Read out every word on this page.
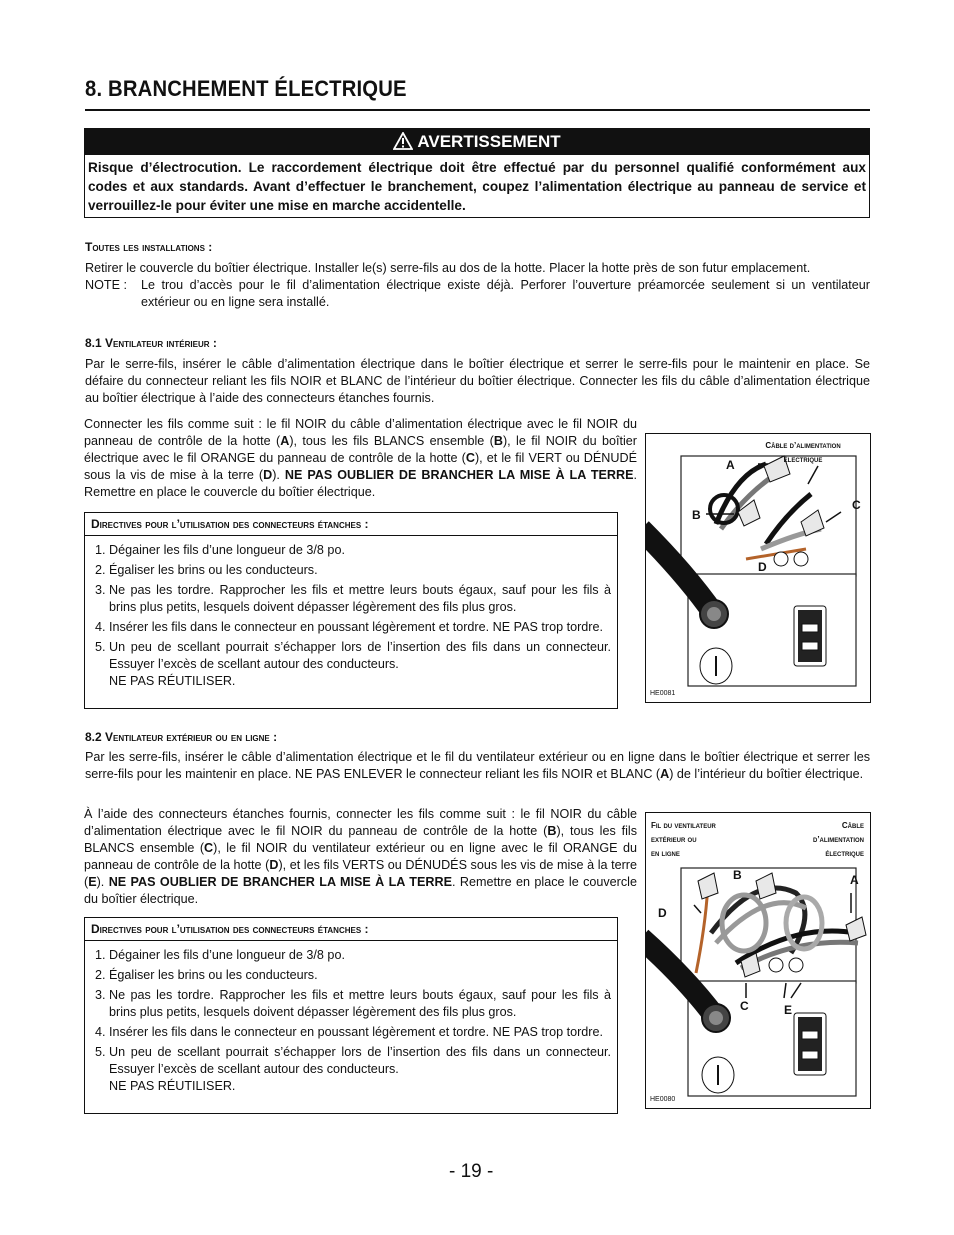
8. BRANCHEMENT ÉLECTRIQUE
AVERTISSEMENT
Risque d’électrocution. Le raccordement électrique doit être effectué par du personnel qualifié conformément aux codes et aux standards. Avant d’effectuer le branchement, coupez l’alimentation électrique au panneau de service et verrouillez-le pour éviter une mise en marche accidentelle.
Toutes les installations :
Retirer le couvercle du boîtier électrique. Installer le(s) serre-fils au dos de la hotte. Placer la hotte près de son futur emplacement.
NOTE :	Le trou d’accès pour le fil d’alimentation électrique existe déjà. Perforer l’ouverture préamorcée seulement si un ventilateur extérieur ou en ligne sera installé.
8.1 Ventilateur intérieur :
Par le serre-fils, insérer le câble d’alimentation électrique dans le boîtier électrique et serrer le serre-fils pour le maintenir en place. Se défaire du connecteur reliant les fils NOIR et BLANC de l’intérieur du boîtier électrique. Connecter les fils du câble d’alimentation électrique au boîtier électrique à l’aide des connecteurs étanches fournis.
Connecter les fils comme suit : le fil NOIR du câble d’alimentation électrique avec le fil NOIR du panneau de contrôle de la hotte (A), tous les fils BLANCS ensemble (B), le fil NOIR du boîtier électrique avec le fil ORANGE du panneau de contrôle de la hotte (C), et le fil VERT ou DÉNUDÉ sous la vis de mise à la terre (D). NE PAS OUBLIER DE BRANCHER LA MISE À LA TERRE. Remettre en place le couvercle du boîtier électrique.
Directives pour l’utilisation des connecteurs étanches :
1. Dégainer les fils d’une longueur de 3/8 po.
2. Égaliser les brins ou les conducteurs.
3. Ne pas les tordre. Rapprocher les fils et mettre leurs bouts égaux, sauf pour les fils à brins plus petits, lesquels doivent dépasser légèrement des fils plus gros.
4. Insérer les fils dans le connecteur en poussant légèrement et tordre. NE PAS trop tordre.
5. Un peu de scellant pourrait s’échapper lors de l’insertion des fils dans un connecteur. Essuyer l’excès de scellant autour des conducteurs.
NE PAS RÉUTILISER.
Câble d’alimentation
électrique
A
B
C
D
HE0081
8.2 Ventilateur extérieur ou en ligne :
Par les serre-fils, insérer le câble d’alimentation électrique et le fil du ventilateur extérieur ou en ligne dans le boîtier électrique et serrer les serre-fils pour les maintenir en place. NE PAS ENLEVER le connecteur reliant les fils NOIR et BLANC (A) de l’intérieur du boîtier électrique.
À l’aide des connecteurs étanches fournis, connecter les fils comme suit : le fil NOIR du câble d’alimentation électrique avec le fil NOIR du panneau de contrôle de la hotte (B), tous les fils BLANCS ensemble (C), le fil NOIR du ventilateur extérieur ou en ligne avec le fil ORANGE du panneau de contrôle de la hotte (D), et les fils VERTS ou DÉNUDÉS sous les vis de mise à la terre (E). NE PAS OUBLIER DE BRANCHER LA MISE À LA TERRE. Remettre en place le couvercle du boîtier électrique.
Directives pour l’utilisation des connecteurs étanches :
1. Dégainer les fils d’une longueur de 3/8 po.
2. Égaliser les brins ou les conducteurs.
3. Ne pas les tordre. Rapprocher les fils et mettre leurs bouts égaux, sauf pour les fils à brins plus petits, lesquels doivent dépasser légèrement des fils plus gros.
4. Insérer les fils dans le connecteur en poussant légèrement et tordre. NE PAS trop tordre.
5. Un peu de scellant pourrait s’échapper lors de l’insertion des fils dans un connecteur. Essuyer l’excès de scellant autour des conducteurs.
NE PAS RÉUTILISER.
Fil du ventilateur
extérieur ou
en ligne
Câble
d’alimentation
électrique
A
B
C
D
E
HE0080
- 19 -
